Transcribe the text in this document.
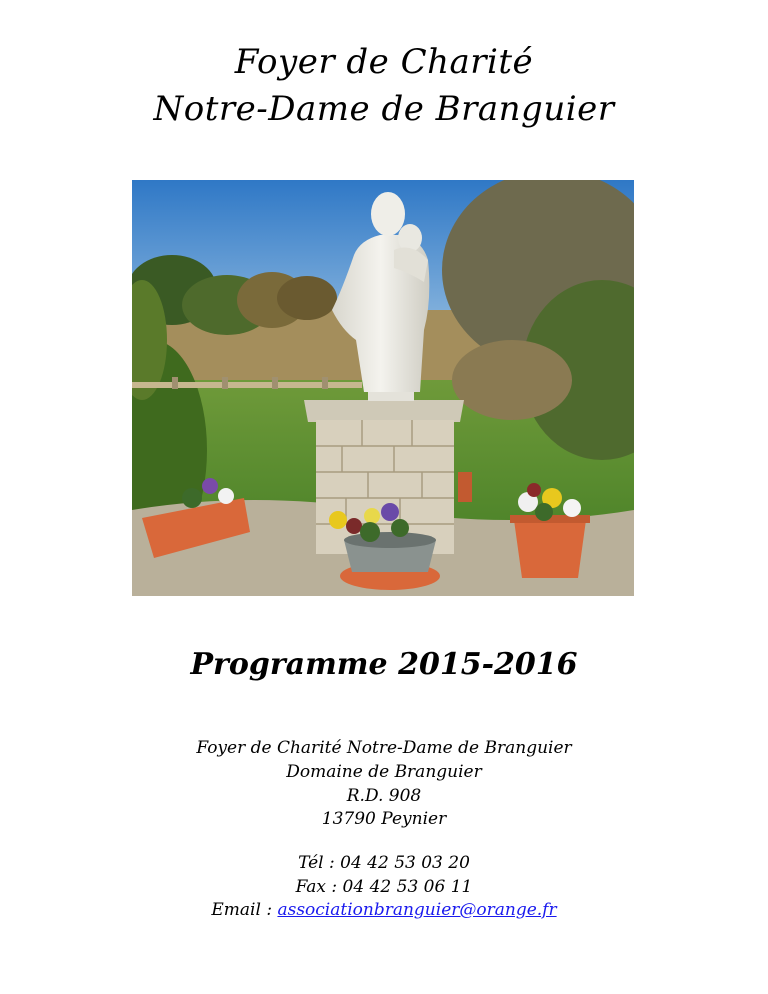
Foyer de Charité
Notre-Dame de Branguier
Programme 2015-2016
Foyer de Charité Notre-Dame de Branguier
Domaine de Branguier
R.D. 908
13790 Peynier
Tél : 04 42 53 03 20
Fax : 04 42 53 06 11
Email : associationbranguier@orange.fr
